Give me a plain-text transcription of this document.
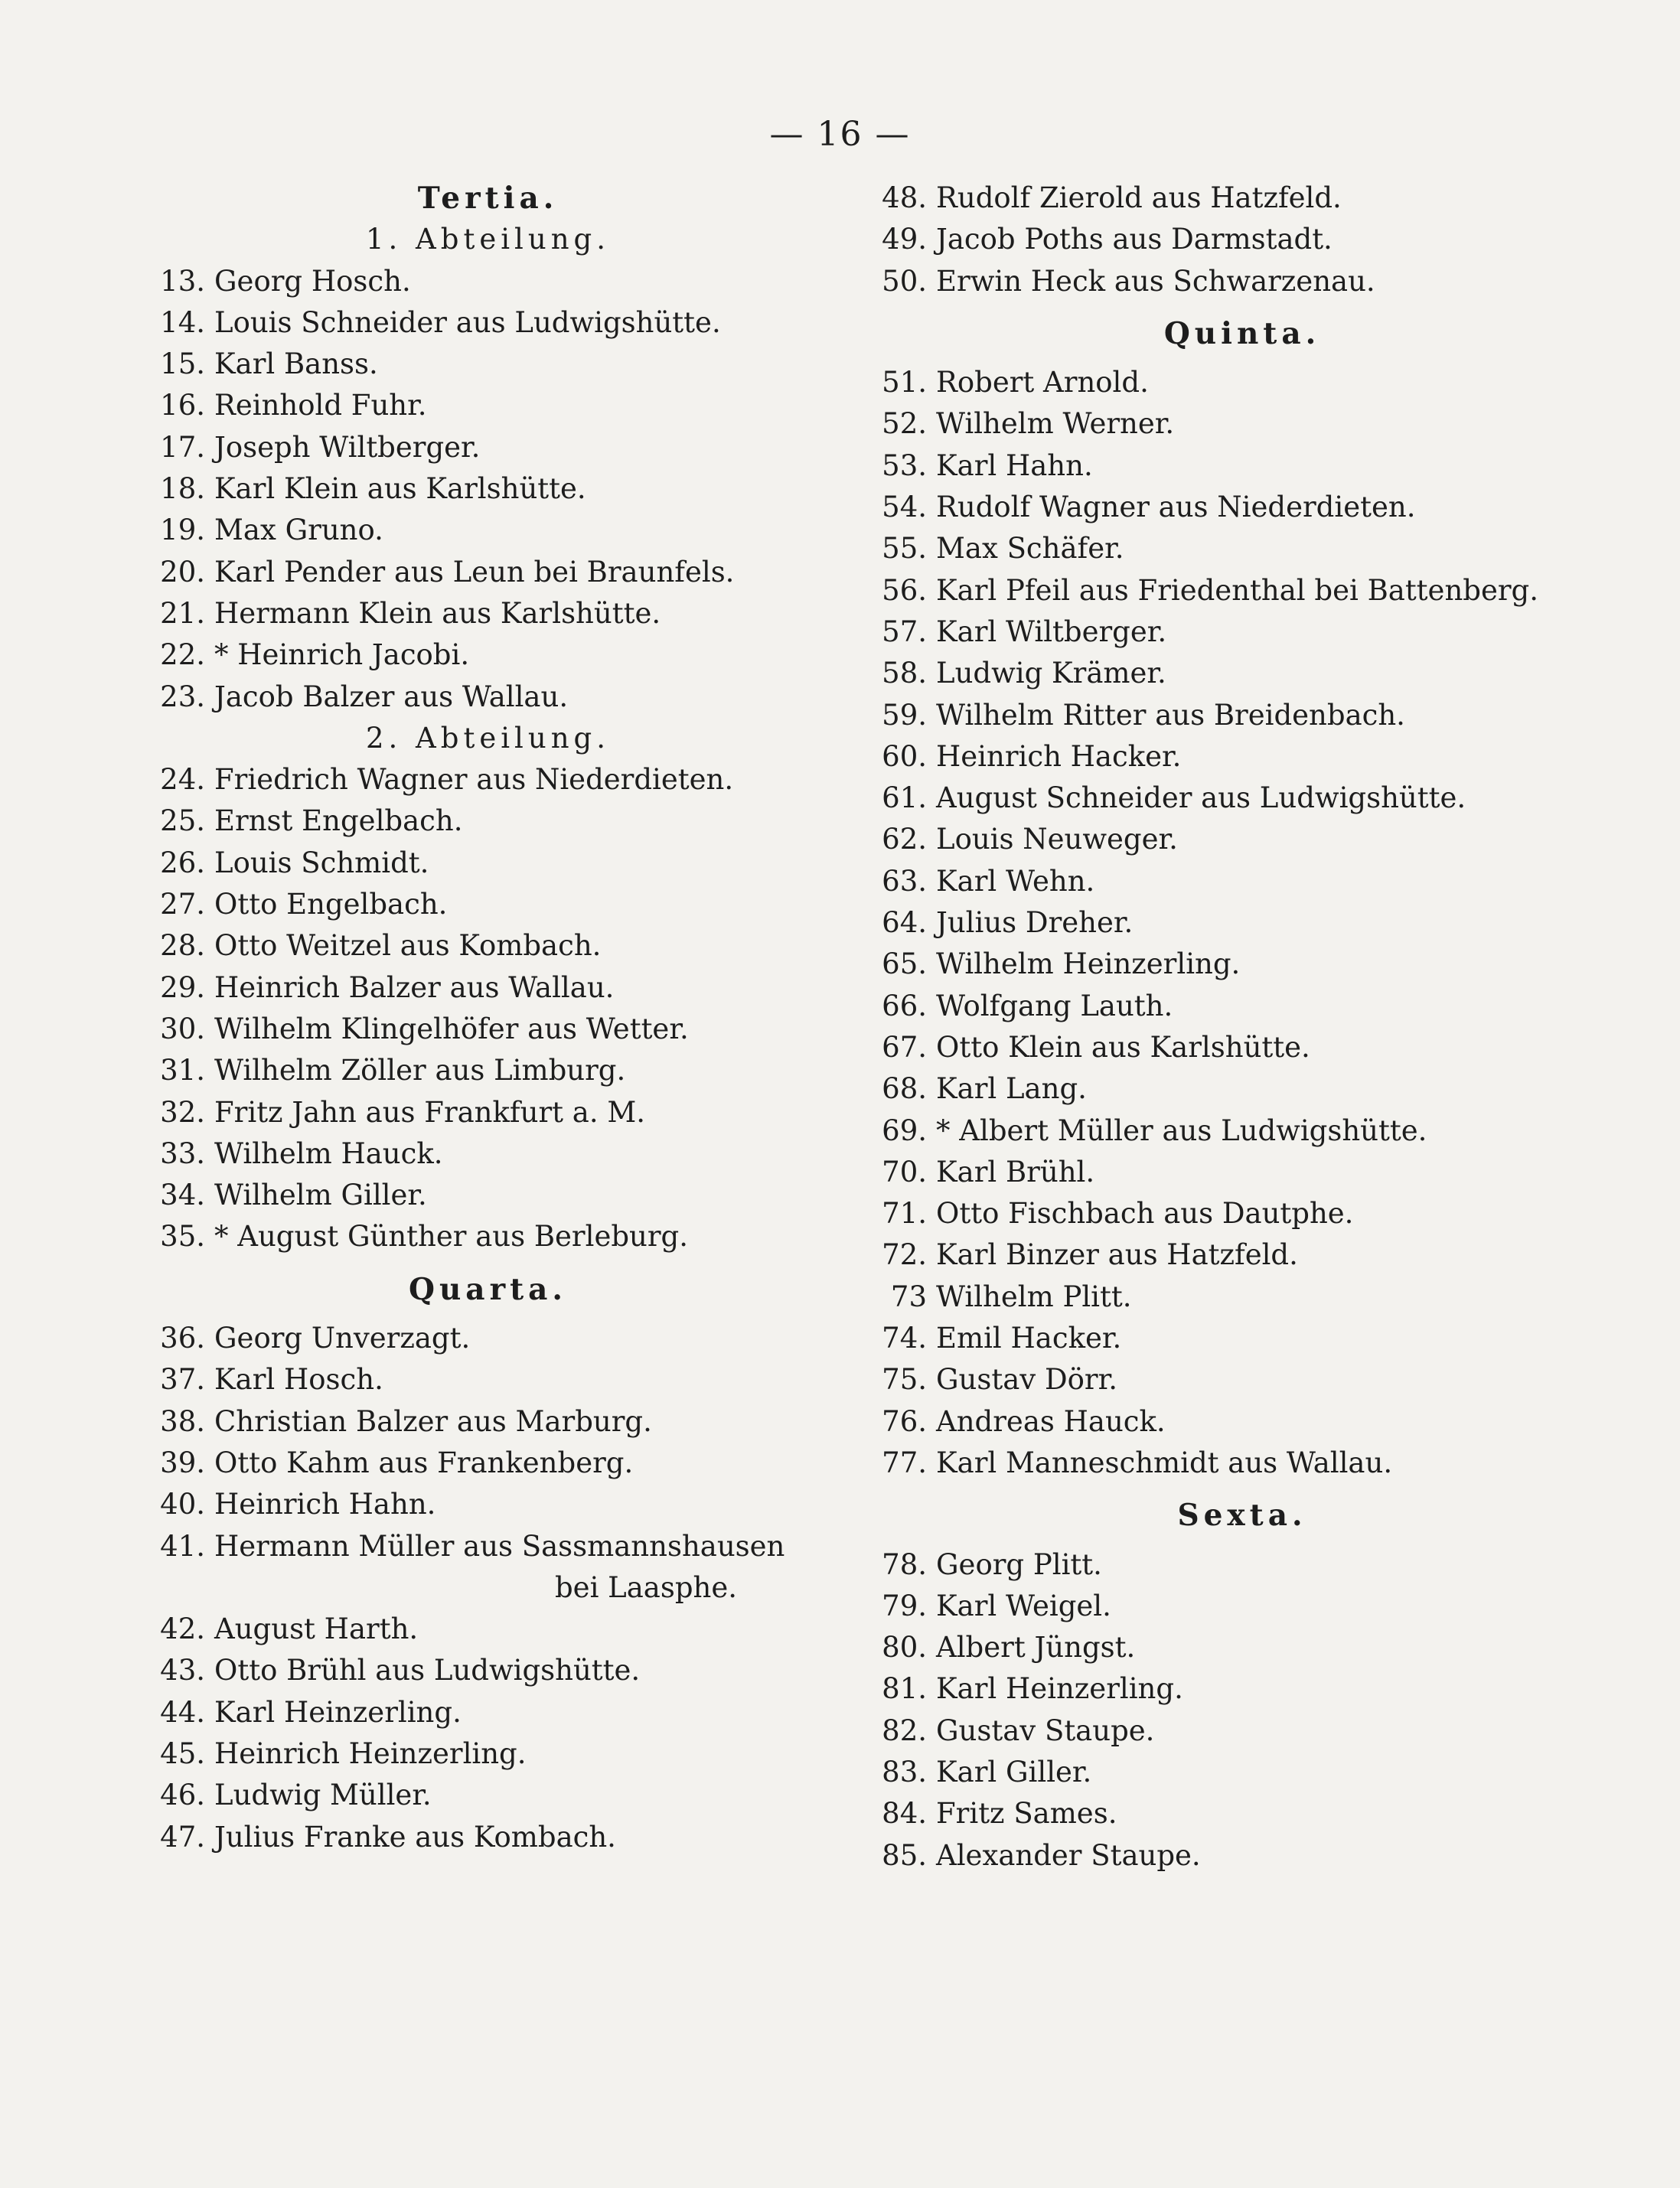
— 16 —
Tertia.
1. Abteilung.
13. Georg Hosch.
14. Louis Schneider aus Ludwigshütte.
15. Karl Banss.
16. Reinhold Fuhr.
17. Joseph Wiltberger.
18. Karl Klein aus Karlshütte.
19. Max Gruno.
20. Karl Pender aus Leun bei Braunfels.
21. Hermann Klein aus Karlshütte.
22. * Heinrich Jacobi.
23. Jacob Balzer aus Wallau.
2. Abteilung.
24. Friedrich Wagner aus Niederdieten.
25. Ernst Engelbach.
26. Louis Schmidt.
27. Otto Engelbach.
28. Otto Weitzel aus Kombach.
29. Heinrich Balzer aus Wallau.
30. Wilhelm Klingelhöfer aus Wetter.
31. Wilhelm Zöller aus Limburg.
32. Fritz Jahn aus Frankfurt a. M.
33. Wilhelm Hauck.
34. Wilhelm Giller.
35. * August Günther aus Berleburg.
Quarta.
36. Georg Unverzagt.
37. Karl Hosch.
38. Christian Balzer aus Marburg.
39. Otto Kahm aus Frankenberg.
40. Heinrich Hahn.
41. Hermann Müller aus Sassmannshausen
bei Laasphe.
42. August Harth.
43. Otto Brühl aus Ludwigshütte.
44. Karl Heinzerling.
45. Heinrich Heinzerling.
46. Ludwig Müller.
47. Julius Franke aus Kombach.
48. Rudolf Zierold aus Hatzfeld.
49. Jacob Poths aus Darmstadt.
50. Erwin Heck aus Schwarzenau.
Quinta.
51. Robert Arnold.
52. Wilhelm Werner.
53. Karl Hahn.
54. Rudolf Wagner aus Niederdieten.
55. Max Schäfer.
56. Karl Pfeil aus Friedenthal bei Battenberg.
57. Karl Wiltberger.
58. Ludwig Krämer.
59. Wilhelm Ritter aus Breidenbach.
60. Heinrich Hacker.
61. August Schneider aus Ludwigshütte.
62. Louis Neuweger.
63. Karl Wehn.
64. Julius Dreher.
65. Wilhelm Heinzerling.
66. Wolfgang Lauth.
67. Otto Klein aus Karlshütte.
68. Karl Lang.
69. * Albert Müller aus Ludwigshütte.
70. Karl Brühl.
71. Otto Fischbach aus Dautphe.
72. Karl Binzer aus Hatzfeld.
73 Wilhelm Plitt.
74. Emil Hacker.
75. Gustav Dörr.
76. Andreas Hauck.
77. Karl Manneschmidt aus Wallau.
Sexta.
78. Georg Plitt.
79. Karl Weigel.
80. Albert Jüngst.
81. Karl Heinzerling.
82. Gustav Staupe.
83. Karl Giller.
84. Fritz Sames.
85. Alexander Staupe.
